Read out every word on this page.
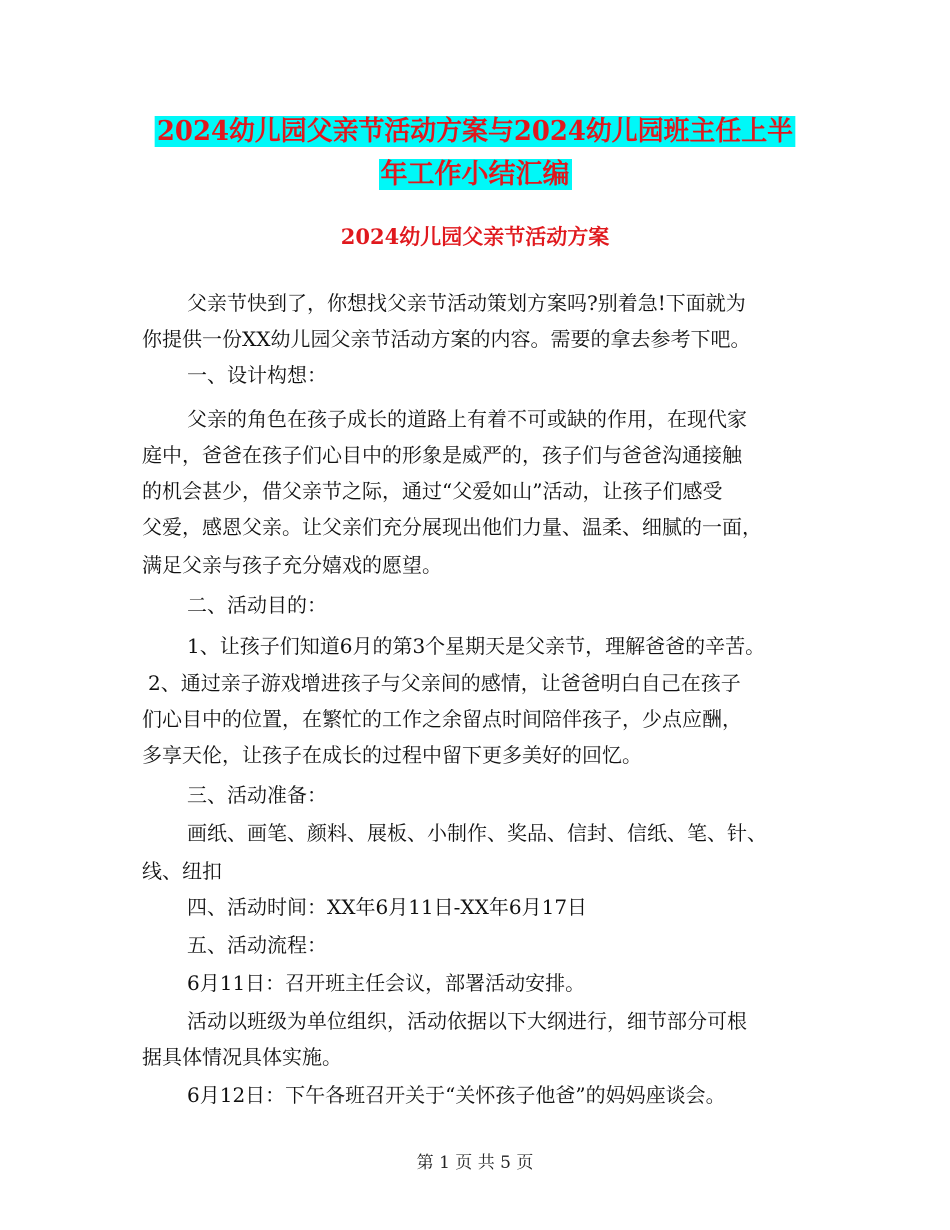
2024幼儿园父亲节活动方案与2024幼儿园班主任上半
年工作小结汇编
2024幼儿园父亲节活动方案
父亲节快到了，你想找父亲节活动策划方案吗?别着急!下面就为
你提供一份XX幼儿园父亲节活动方案的内容。需要的拿去参考下吧。
一、设计构想：
父亲的角色在孩子成长的道路上有着不可或缺的作用，在现代家
庭中，爸爸在孩子们心目中的形象是威严的，孩子们与爸爸沟通接触
的机会甚少，借父亲节之际，通过“父爱如山”活动，让孩子们感受
父爱，感恩父亲。让父亲们充分展现出他们力量、温柔、细腻的一面，
满足父亲与孩子充分嬉戏的愿望。
二、活动目的：
1、让孩子们知道6月的第3个星期天是父亲节，理解爸爸的辛苦。
2、通过亲子游戏增进孩子与父亲间的感情，让爸爸明白自己在孩子
们心目中的位置，在繁忙的工作之余留点时间陪伴孩子，少点应酬，
多享天伦，让孩子在成长的过程中留下更多美好的回忆。
三、活动准备：
画纸、画笔、颜料、展板、小制作、奖品、信封、信纸、笔、针、
线、纽扣
四、活动时间：XX年6月11日-XX年6月17日
五、活动流程：
6月11日：召开班主任会议，部署活动安排。
活动以班级为单位组织，活动依据以下大纲进行，细节部分可根
据具体情况具体实施。
6月12日：下午各班召开关于“关怀孩子他爸”的妈妈座谈会。
第 1 页 共 5 页
